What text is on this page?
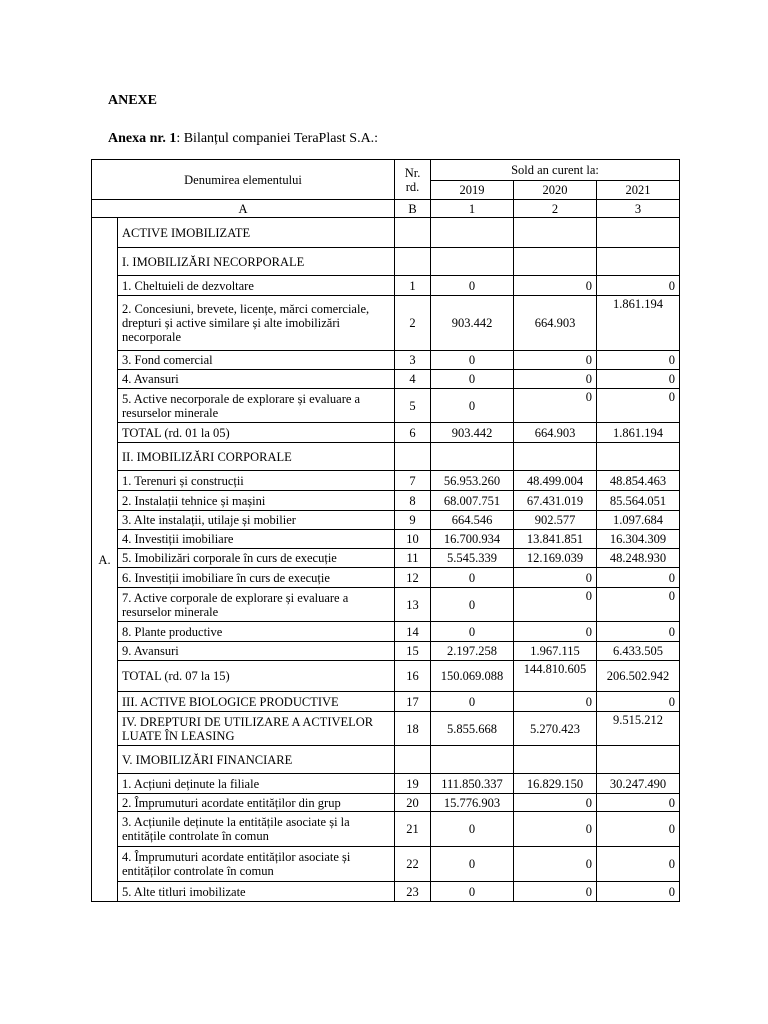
ANEXE
Anexa nr. 1: Bilanțul companiei TeraPlast S.A.:
Denumirea elementului		Nr. rd.	Sold an curent la:		
			2019	2020	2021
A		B	1	2	3
A.	ACTIVE IMOBILIZATE				
	I. IMOBILIZĂRI NECORPORALE				
	1. Cheltuieli de dezvoltare	1	0	0	0
	2. Concesiuni, brevete, licențe, mărci comerciale, drepturi și active similare și alte imobilizări necorporale	2	903.442	664.903	1.861.194
	3. Fond comercial	3	0	0	0
	4. Avansuri	4	0	0	0
	5. Active necorporale de explorare și evaluare a resurselor minerale	5	0	0	0
	TOTAL (rd. 01 la 05)	6	903.442	664.903	1.861.194
	II. IMOBILIZĂRI CORPORALE				
	1. Terenuri și construcții	7	56.953.260	48.499.004	48.854.463
	2. Instalații tehnice și mașini	8	68.007.751	67.431.019	85.564.051
	3. Alte instalații, utilaje și mobilier	9	664.546	902.577	1.097.684
	4. Investiții imobiliare	10	16.700.934	13.841.851	16.304.309
	5. Imobilizări corporale în curs de execuție	11	5.545.339	12.169.039	48.248.930
	6. Investiții imobiliare în curs de execuție	12	0	0	0
	7. Active corporale de explorare și evaluare a resurselor minerale	13	0	0	0
	8. Plante productive	14	0	0	0
	9. Avansuri	15	2.197.258	1.967.115	6.433.505
	TOTAL (rd. 07 la 15)	16	150.069.088	144.810.605	206.502.942
	III. ACTIVE BIOLOGICE PRODUCTIVE	17	0	0	0
	IV. DREPTURI DE UTILIZARE A ACTIVELOR LUATE ÎN LEASING	18	5.855.668	5.270.423	9.515.212
	V. IMOBILIZĂRI FINANCIARE				
	1. Acțiuni deținute la filiale	19	111.850.337	16.829.150	30.247.490
	2. Împrumuturi acordate entităților din grup	20	15.776.903	0	0
	3. Acțiunile deținute la entitățile asociate și la entitățile controlate în comun	21	0	0	0
	4. Împrumuturi acordate entităților asociate și entităților controlate în comun	22	0	0	0
	5. Alte titluri imobilizate	23	0	0	0
